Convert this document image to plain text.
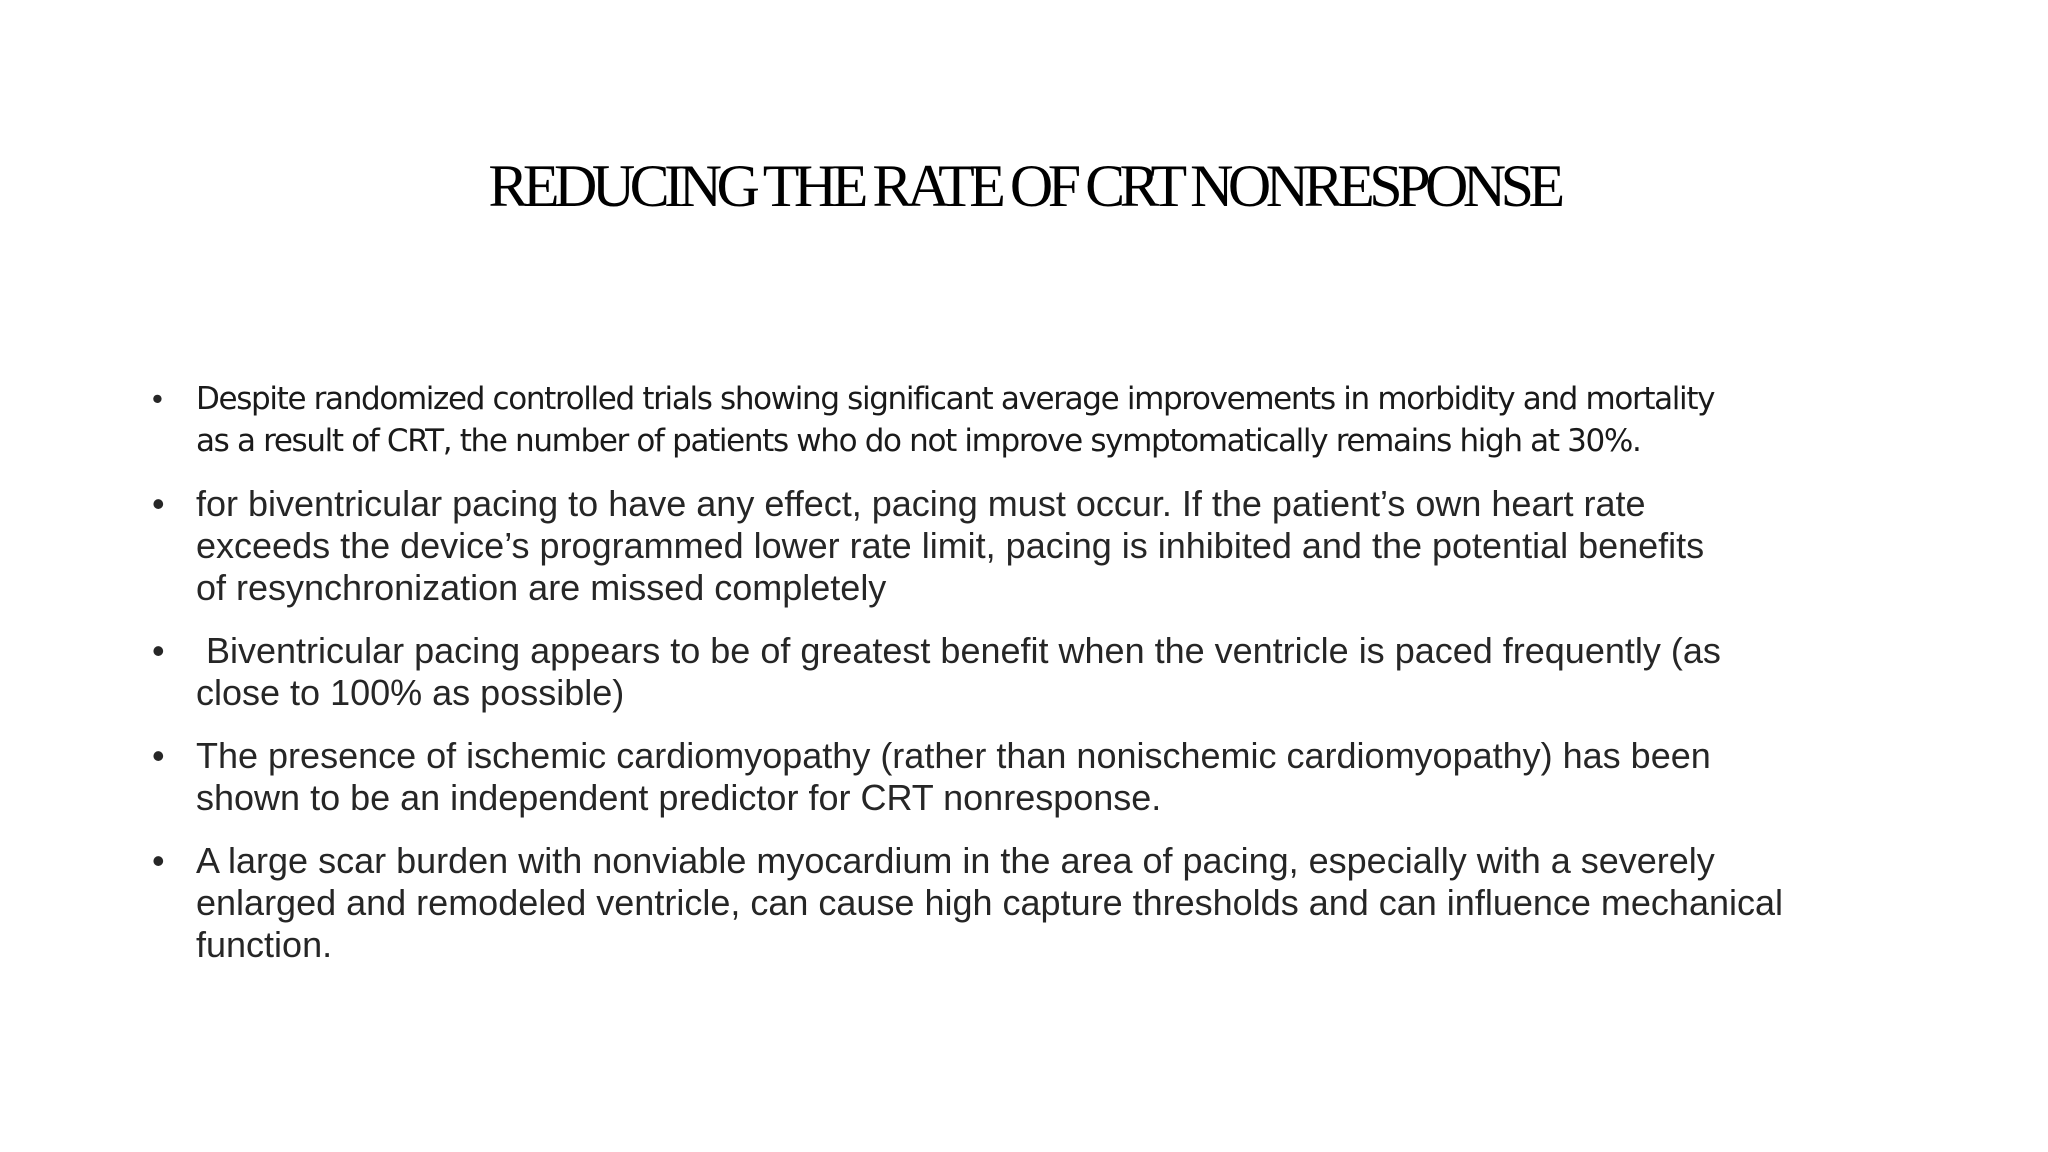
REDUCING THE RATE OF CRT NONRESPONSE
• Despite randomized controlled trials showing significant average improvements in morbidity and mortality
as a result of CRT, the number of patients who do not improve symptomatically remains high at 30%.
• for biventricular pacing to have any effect, pacing must occur. If the patient’s own heart rate
exceeds the device’s programmed lower rate limit, pacing is inhibited and the potential benefits
of resynchronization are missed completely
• Biventricular pacing appears to be of greatest benefit when the ventricle is paced frequently (as
close to 100% as possible)
• The presence of ischemic cardiomyopathy (rather than nonischemic cardiomyopathy) has been
shown to be an independent predictor for CRT nonresponse.
• A large scar burden with nonviable myocardium in the area of pacing, especially with a severely
enlarged and remodeled ventricle, can cause high capture thresholds and can influence mechanical
function.
